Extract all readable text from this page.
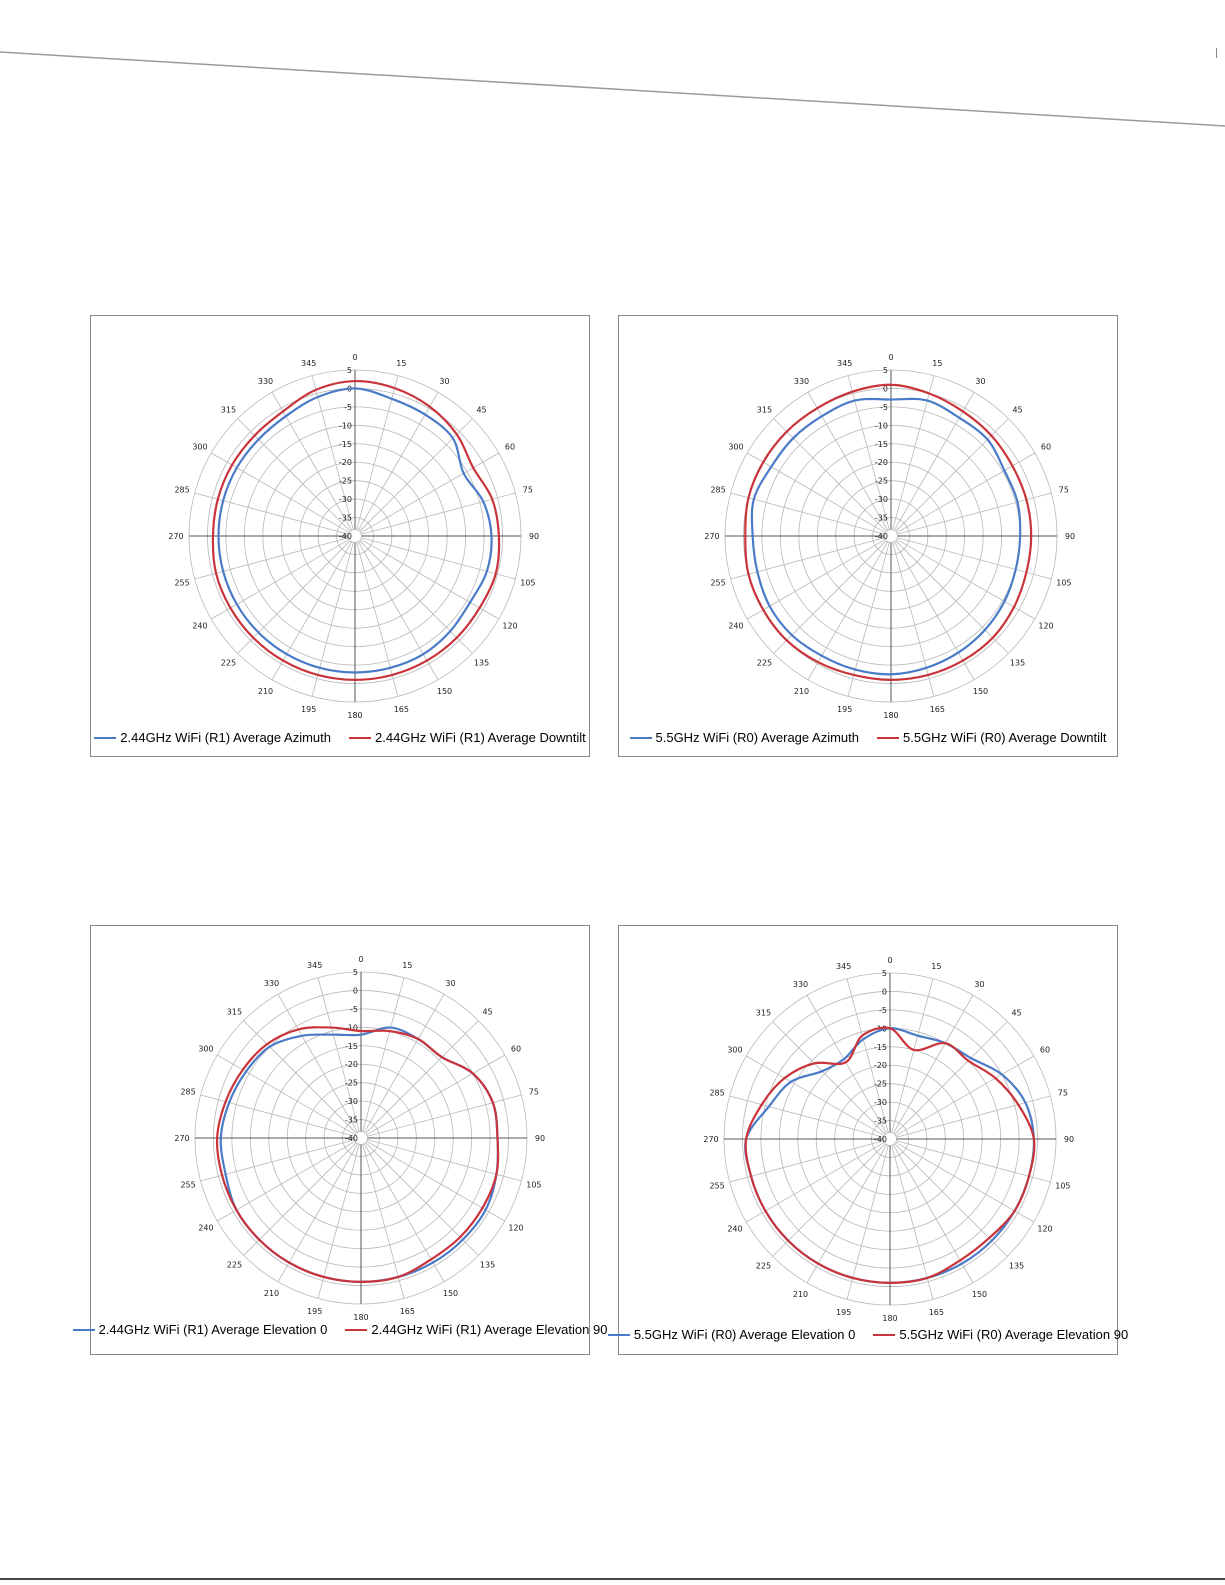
0
15
30
45
60
75
90
105
120
135
150
165
180
195
210
225
240
255
270
285
300
315
330
345
5
0
-5
-10
-15
-20
-25
-30
-35
-40
2.44GHz WiFi (R1) Average Azimuth	2.44GHz WiFi (R1) Average Downtilt
0
15
30
45
60
75
90
105
120
135
150
165
180
195
210
225
240
255
270
285
300
315
330
345
5
0
-5
-10
-15
-20
-25
-30
-35
-40
5.5GHz WiFi (R0) Average Azimuth	5.5GHz WiFi (R0) Average Downtilt
0
15
30
45
60
75
90
105
120
135
150
165
180
195
210
225
240
255
270
285
300
315
330
345
5
0
-5
-10
-15
-20
-25
-30
-35
-40
2.44GHz WiFi (R1) Average Elevation 0	2.44GHz WiFi (R1) Average Elevation 90
0
15
30
45
60
75
90
105
120
135
150
165
180
195
210
225
240
255
270
285
300
315
330
345
5
0
-5
-10
-15
-20
-25
-30
-35
-40
5.5GHz WiFi (R0) Average Elevation 0	5.5GHz WiFi (R0) Average Elevation 90
